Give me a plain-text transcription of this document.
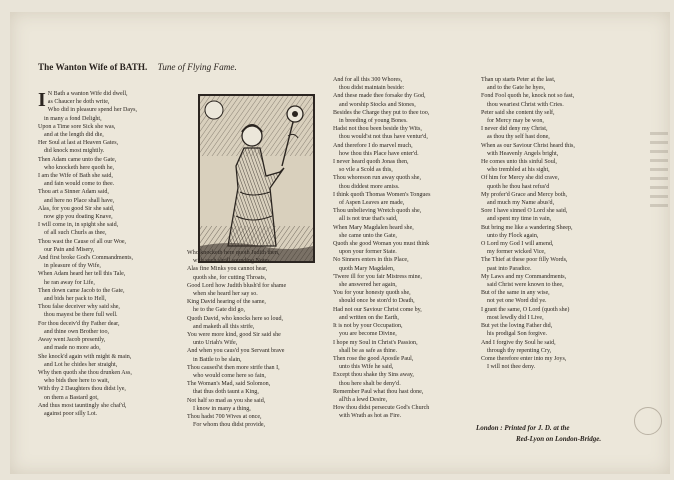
The Wanton Wife of BATH. Tune of Flying Fame.
I N Bath a wanton Wife did dwell,
as Chaucer he doth write,
Who did in pleasure spend her Days,
in many a fond Delight,
Upon a Time sore Sick she was,
and at the length did die,
Her Soul at last at Heaven Gates,
did knock most mightily.
Then Adam came unto the Gate,
who knocketh here quoth he,
I am the Wife of Bath she said,
and fain would come to thee.
Thou art a Sinner Adam said,
and here no Place shall have,
Alas, for you good Sir she said,
now gip you doating Knave,
I will come in, in spight she said,
of all such Churls as thee,
Thou wast the Cause of all our Woe,
our Pain and Misery,
And first broke God's Commandments,
in pleasure of thy Wife,
When Adam heard her tell this Tale,
he ran away for Life,
Then down came Jacob to the Gate,
and bids her pack to Hell,
Thou false deceiver why said she,
thou mayest be there full well.
For thou deceiv'd thy Father dear,
and thine own Brother too,
Away went Jacob presently,
and made no more ado,
She knock'd again with might & main,
and Lot he chides her straight,
Why then quoth she thou drunken Ass,
who bids thee here to wait,
With thy 2 Daughters thou didst lye,
on them a Bastard got,
And thus most tauntingly she chaf'd,
against poor silly Lot.
Who knocketh here quoth Judith then,
with such shrill sounding Notes,
Alas fine Minks you cannot hear,
quoth she, for cutting Throats,
Good Lord how Judith blush'd for shame
when she heard her say so.
King David hearing of the same,
he to the Gate did go,
Quoth David, who knocks here so loud,
and maketh all this strife,
You were more kind, good Sir said she
unto Uriah's Wife,
And when you caus'd you Servant brave
in Battle to be slain,
Thou caused'st then more strife than I,
who would come here so fain,
The Woman's Mad, said Solomon,
that thus doth taunt a King,
Not half so mad as you she said,
I know in many a thing,
Thou hadst 700 Wives at once,
For whom thou didst provide,
And for all this 300 Whores,
thou didst maintain beside:
And these made thee forsake thy God,
and worship Stocks and Stones,
Besides the Charge they put to thee too,
in breeding of young Bones.
Hadst not thou been beside thy Wits,
thou would'st not thus have ventur'd,
And therefore I do marvel much,
how thou this Place have enter'd.
I never heard quoth Jonas then,
so vile a Scold as this,
Thou whoreson run away quoth she,
thou diddest more amiss.
I think quoth Thomas Women's Tongues
of Aspen Leaves are made,
Thou unbelieving Wretch quoth she,
all is not true that's said,
When Mary Magdalen heard she,
she came unto the Gate,
Quoth she good Woman you must think
upon your former State.
No Sinners enters in this Place,
quoth Mary Magdalen,
'Twere ill for you fair Mistress mine,
she answered her again,
You for your honesty quoth she,
should once be ston'd to Death,
Had not our Saviour Christ come by,
and written on the Earth,
It is not by your Occupation,
you are become Divine,
I hope my Soul in Christ's Passion,
shall be as safe as thine.
Then rose the good Apostle Paul,
unto this Wife he said,
Except thou shake thy Sins away,
thou here shalt be deny'd.
Remember Paul what thou hast done,
all'th a lewd Desire,
How thou didst persecute God's Church
with Wrath as hot as Fire.
Than up starts Peter at the last,
and to the Gate he hyes,
Fond Fool quoth he, knock not so fast,
thou weariest Christ with Cries.
Peter said she content thy self,
for Mercy may be won,
I never did deny my Christ,
as thou thy self hast done,
When as our Saviour Christ heard this,
with Heavenly Angels bright,
He comes unto this sinful Soul,
who trembled at his sight,
Of him for Mercy she did crave,
quoth he thou hast refus'd
My profer'd Grace and Mercy both,
and much my Name abus'd,
Sore I have sinned O Lord she said,
and spent my time in vain,
But bring me like a wandering Sheep,
unto thy Flock again,
O Lord my God I will amend,
my former wicked Vice,
The Thief at these poor filly Words,
past into Paradice.
My Laws and my Commandments,
said Christ were known to thee,
But of the same in any wise,
not yet one Word did ye.
I grant the same, O Lord (quoth she)
most lewdly did I Live,
But yet the loving Father did,
his prodigal Son forgive.
And I forgive thy Soul he said,
through thy repenting Cry,
Come therefore enter into my Joys,
I will not thee deny.
London : Printed for J. D. at the
Red-Lyon on London-Bridge.
